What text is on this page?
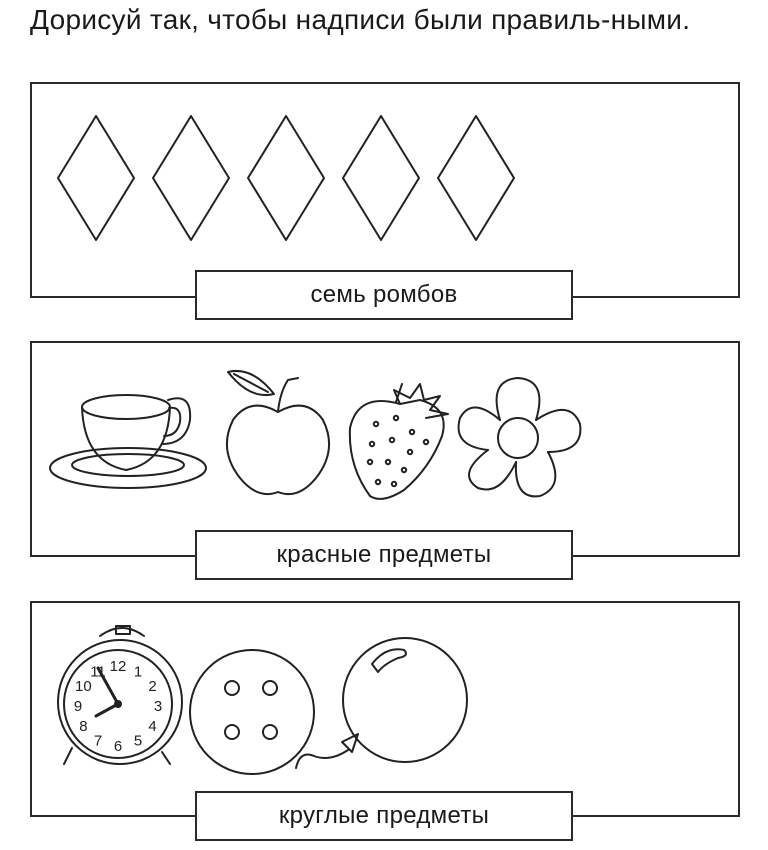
Дорисуй так, чтобы надписи были правиль-ными.
семь ромбов
красные предметы
12 1
2
3
4
5
6
7
8
9
10
11
круглые предметы
